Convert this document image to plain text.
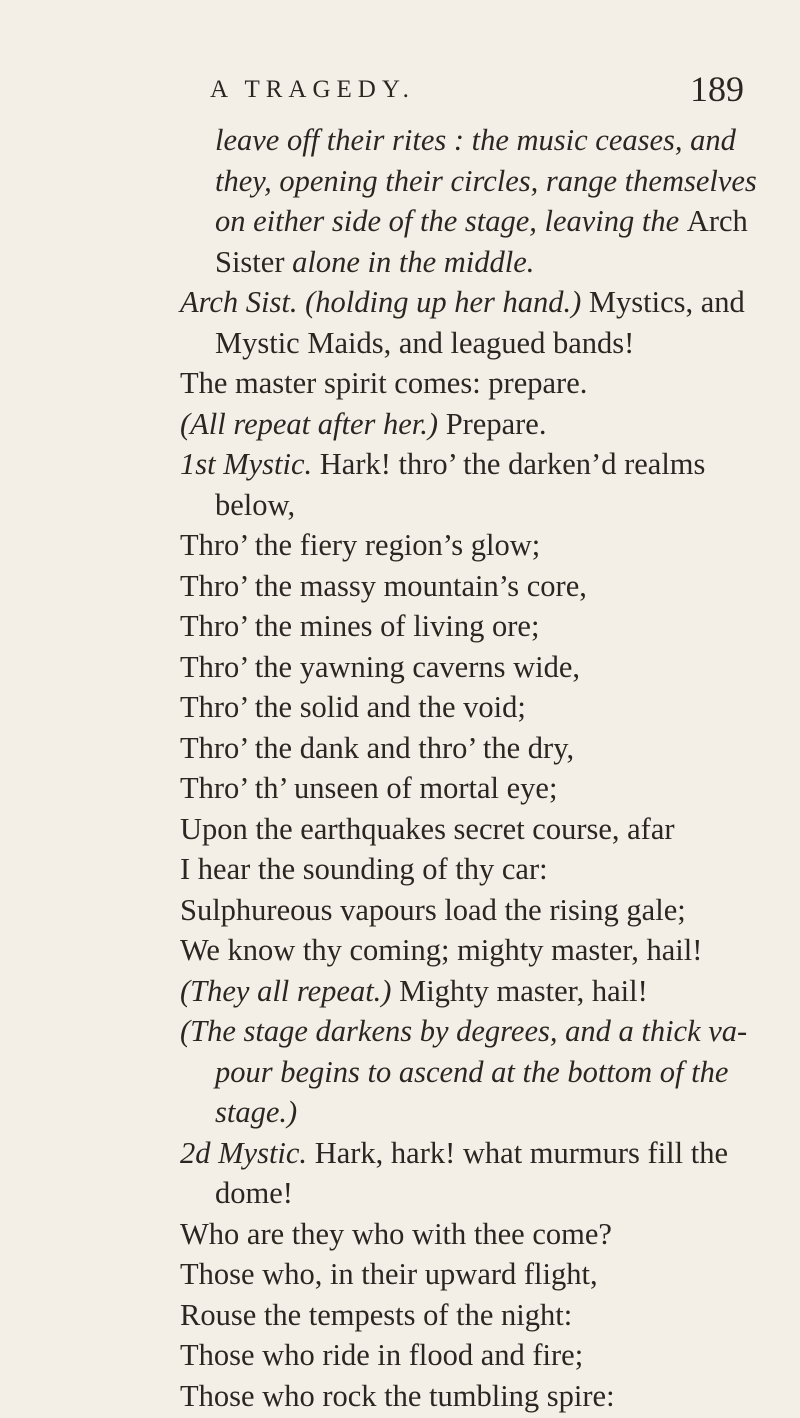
A TRAGEDY.	189
leave off their rites : the music ceases, and
they, opening their circles, range themselves
on either side of the stage, leaving the Arch
Sister alone in the middle.
Arch Sist. (holding up her hand.) Mystics, and
Mystic Maids, and leagued bands!
The master spirit comes: prepare.
(All repeat after her.) Prepare.
1st Mystic. Hark! thro’ the darken’d realms
below,
Thro’ the fiery region’s glow;
Thro’ the massy mountain’s core,
Thro’ the mines of living ore;
Thro’ the yawning caverns wide,
Thro’ the solid and the void;
Thro’ the dank and thro’ the dry,
Thro’ th’ unseen of mortal eye;
Upon the earthquakes secret course, afar
I hear the sounding of thy car:
Sulphureous vapours load the rising gale;
We know thy coming; mighty master, hail!
(They all repeat.) Mighty master, hail!
(The stage darkens by degrees, and a thick va-
pour begins to ascend at the bottom of the
stage.)
2d Mystic. Hark, hark! what murmurs fill the
dome!
Who are they who with thee come?
Those who, in their upward flight,
Rouse the tempests of the night:
Those who ride in flood and fire;
Those who rock the tumbling spire:
